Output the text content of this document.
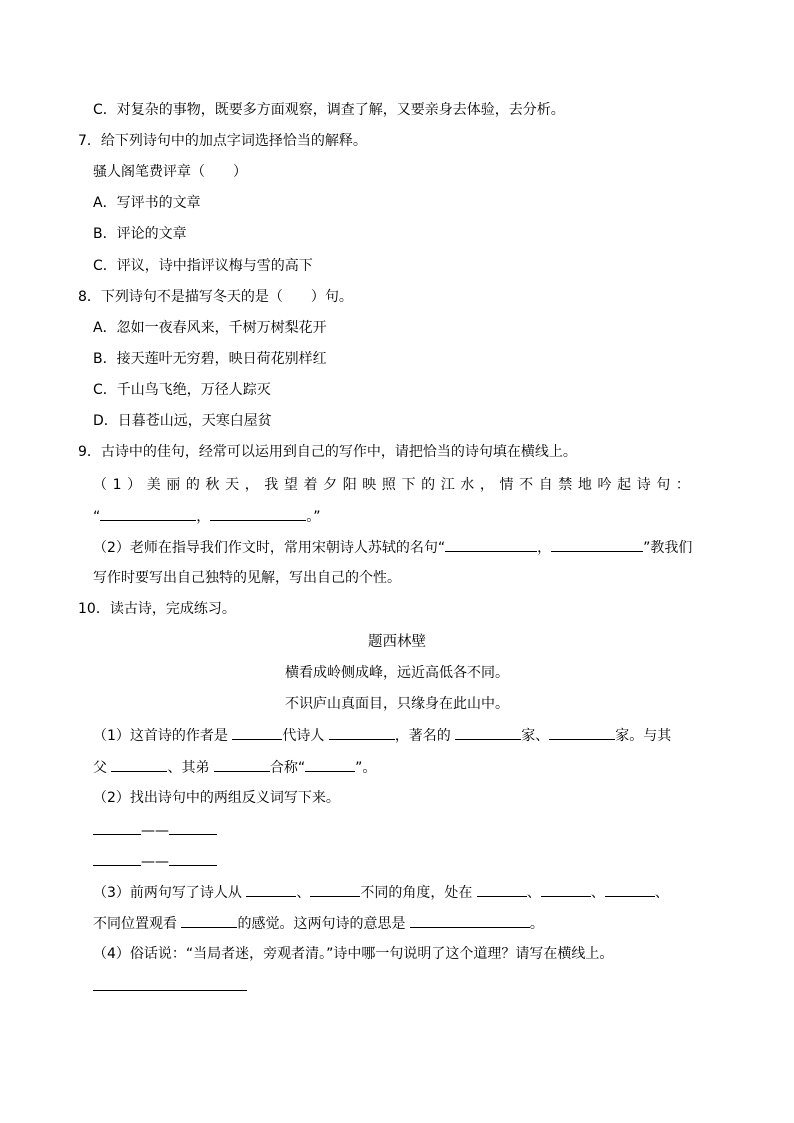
C．对复杂的事物，既要多方面观察，调查了解，又要亲身去体验，去分析。
7．给下列诗句中的加点字词选择恰当的解释。
骚人阁笔费评章（　　）
A．写评书的文章
B．评论的文章
C．评议，诗中指评议梅与雪的高下
8．下列诗句不是描写冬天的是（　　）句。
A．忽如一夜春风来，千树万树梨花开
B．接天莲叶无穷碧，映日荷花别样红
C．千山鸟飞绝，万径人踪灭
D．日暮苍山远，天寒白屋贫
9．古诗中的佳句，经常可以运用到自己的写作中，请把恰当的诗句填在横线上。
（1）美丽的秋天，我望着夕阳映照下的江水，情不自禁地吟起诗句：
“	，	。”
（2）老师在指导我们作文时，常用宋朝诗人苏轼的名句“	，	”教我们
写作时要写出自己独特的见解，写出自己的个性。
10．读古诗，完成练习。
题西林壁
横看成岭侧成峰，远近高低各不同。
不识庐山真面目，只缘身在此山中。
（1）这首诗的作者是	代诗人	，著名的	家、	家。与其
父	、其弟	合称“	”。
（2）找出诗句中的两组反义词写下来。
——
——
（3）前两句写了诗人从	、	不同的角度，处在	、	、	、
不同位置观看	的感觉。这两句诗的意思是	。
（4）俗话说：“当局者迷，旁观者清。”诗中哪一句说明了这个道理？请写在横线上。
